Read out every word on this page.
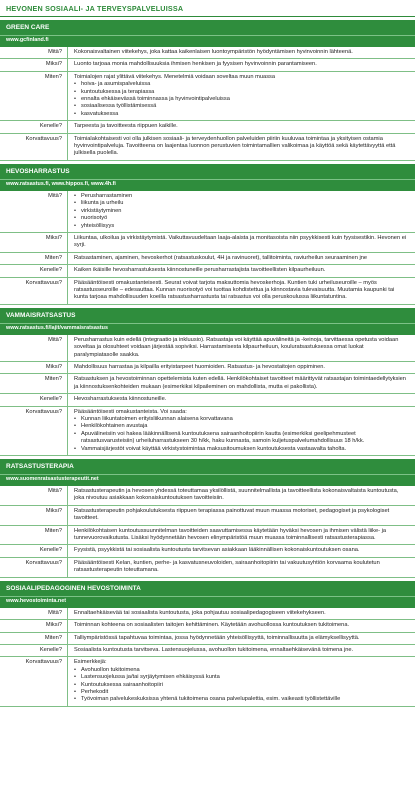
HEVONEN SOSIAALI- JA TERVEYSPALVELUISSA
GREEN CARE
www.gcfinland.fi
Mitä?	Kokonaisvaltainen viitekehys, joka kattaa kaikenlaisen luontoympäristön hyödyntämisen hyvinvoinnin lähteenä.
Miksi?	Luonto tarjoaa monia mahdollisuuksia ihmisen henkisen ja fyysisen hyvinvoinnin parantamiseen.
Miten?	Toimialojen rajat ylittävä viitekehys. Menetelmiä voidaan soveltaa muun muassa
• hoiva- ja asumispalveluissa
• kuntoutuksessa ja terapiassa
• ennalta ehkäisevässä toiminnassa ja hyvinvointipalveluissa
• sosiaalisessa työllistämisessä
• kasvatuksessa
Kenelle?	Tarpeesta ja tavoitteesta riippuen kaikille.
Korvattavuus?	Toimialakohtaisesti voi olla julkisen sosiaali- ja terveydenhuollon palveluiden piiriin kuuluvaa toimintaa ja yksityisen ostamia hyvinvointipalveluja. Tavoitteena on laajentaa luonnon perustuvien toimintamallien valikoimaa ja käyttöä sekä käytettävyyttä että julkisella puolella.
HEVOSHARRASTUS
www.ratsastus.fi, www.hippos.fi, www.4h.fi
Mitä?
•	Perusharrastaminen
• liikunta ja urheilu
• virkistäytyminen
• nuorisotyö
• yhteisöllisyys
Miksi?	Liikuntaa, ulkoilua ja virkistäytymistä. Vaikuttavuudeltaan laaja-alaista ja monitasoista niin psyykkisesti kuin fyysisestikin. Hevonen ei syrji.
Miten?	Ratsastaminen, ajaminen, hevoskerhot (ratsastuskoulut, 4H ja ravinuoret), tallitoiminta, raviurheilun seuraaminen jne
Kenelle?	Kaiken ikäisille hevosharrastuksesta kiinnostuneille perusharrastajista tavoitteellisten kilpaurheiluun.
Korvattavuus?	Pääsääntöisesti omakustanteisesti. Seurat voivat tarjota maksuttomia hevoskerhoja. Kuntien tuki urheiluseuroille – myös ratsastusseuroille – edesauttaa. Kunnan nuorisotyö voi tuottaa kohdistettua ja kiinnostavia tulevaisuutta. Muutamia kaupunki tai kunta tarjoaa mahdollisuuden koeilla ratsastusharrastusta tai ratsastus voi olla peruskoulussa liikuntatuntina.
VAMMAISRATSASTUS
www.ratsastus.fi/lajit/vammaisratsastus
Mitä?	Perusharrastus kuin edellä (integraatio ja inkluusio). Ratsastaja voi käyttää apuvälineitä ja -keinoja, tarvittaessa opetusta voidaan soveltaa ja olosuhteet voidaan järjestää sopiviksi. Harrastamisesta kilpaurheiluun, kouluratsastuksessa omat luokat paralympiatasolle saakka.
Miksi?	Mahdollisuus harrastaa ja kilpailla erityistarpeet huomioiden. Ratsastus- ja hevostaitojen oppiminen.
Miten?	Ratsastuksen ja hevostoiminnan opettelemista kuten edellä. Henkilökohtaiset tavoitteet määrittyvät ratsastajan toimintaedellytyksien ja kiinnostuksenkohteiden mukaan (esimerkiksi kilpaileminen on mahdollista, mutta ei pakollista).
Kenelle?	Hevosharrastuksesta kiinnostuneille.
Korvattavuus?	Pääsääntöisesti omakustanteista. Voi saada:
• Kunnan liikuntatoimen erityisliikunnan alaisena korvattavana
• Henkilökohtainen avustaja
• Apuvälineisiin voi hakea lääkinnällisenä kuntoutuksena sairaanhoitopiirin kautta (esimerkiksi geelipehmusteet ratsastusvarusteisiin) urheiluharrastukseen 30 h/kk, haku kunnasta, samoin kuljetuspalvelumahdollisuus 18 h/kk.
• Vammaisjärjestöt voivat käyttää virkistystoimintaa maksusitoumuksen kuntoutuksesta vastaavalta taholta.
RATSASTUSTERAPIA
www.suomenratsastusterapeutit.net
Mitä?	Ratsastusterapeutin ja hevosen yhdessä toteuttamaa yksilöllistä, suunnitelmallista ja tavoitteellista kokonaisvaltaista kuntoutusta, joka nivoutuu asiakkaan kokonaiskuntoutuksen tavoitteisiin.
Miksi?	Ratsastusterapeutin pohjakoulutuksesta riippuen terapiassa painottuvat muun muassa motoriset, pedagogiset ja psykologiset tavoitteet.
Miten?	Henkilökohtaisen kuntoutussuunnitelman tavoitteiden saavuttamisessa käytetään hyväksi hevosen ja ihmisen välistä liike- ja tunnevuorovaikutusta. Lisäksi hyödynnetään hevosen elinympäristöä muun muassa toiminnallisesti ratsastusterapiassa.
Kenelle?	Fyysistä, psyykkistä tai sosiaalista kuntoutusta tarvitsevan asiakkaan lääkinnällisen kokonaiskuntoutuksen osana.
Korvattavuus?	Pääsääntöisesti Kelan, kuntien, perhe- ja kasvatusneuvoloiden, sairaanhoitopiirin tai vakuutusyhtiön korvaama koulutetun ratsastusterapeutin toteuttamana.
SOSIAALIPEDAGOGINEN HEVOSTOIMINTA
www.hevostoiminta.net
Mitä?	Ennaltaehkäisevää tai sosiaalista kuntoutusta, joka pohjautuu sosiaalipedagogiseen viitekehykseen.
Miksi?	Toiminnan kohteena on sosiaalisten taitojen kehittäminen. Käytetään avohuollossa kuntoutuksen tukitoimena.
Miten?	Talliympäristössä tapahtuvaa toimintaa, jossa hyödynnetään yhteisöllisyyttä, toiminnallisuutta ja elämyksellisyyttä.
Kenelle?	Sosiaalista kuntoutusta tarvitseva. Lastensuojelussa, avohuollon tukitoimena, ennaltaehkäisevänä toimena jne.
Korvattavuus?	Esimerkkejä:
• Avohuollon tukitoimena
• Lastensuojelussa ja/tai syrjäytymisen ehkäisyssä kunta
• Kuntoutuksessa sairaanhoitopiiri
• Perhekodit
• Työvoiman palvelukeskuksissa yhtenä tukitoimena osana palvelupalettia, esim. vaikeasti työllistettäville
